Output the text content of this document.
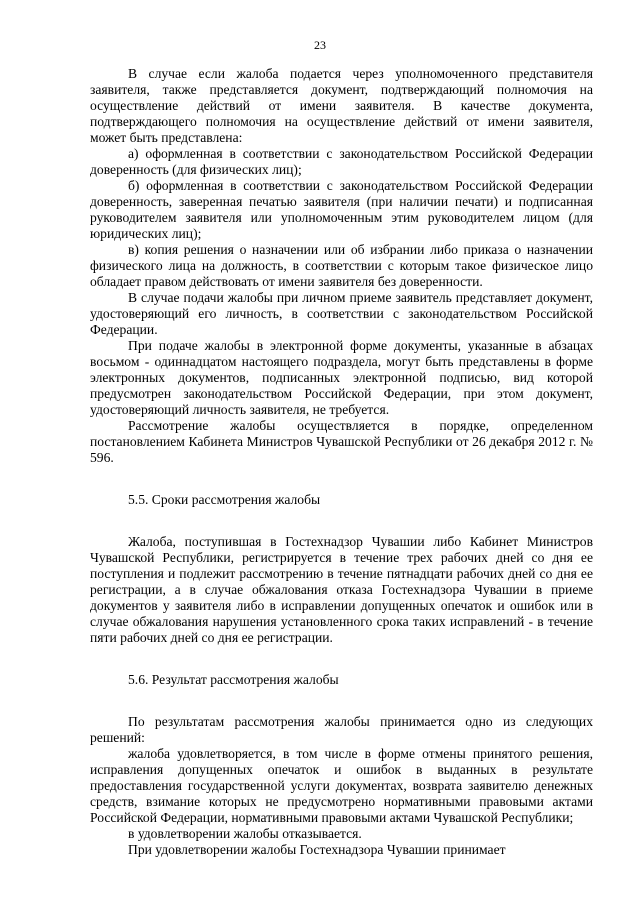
23

В случае если жалоба подается через уполномоченного представителя заявителя, также представляется документ, подтверждающий полномочия на осуществление действий от имени заявителя. В качестве документа, подтверждающего полномочия на осуществление действий от имени заявителя, может быть представлена:

а) оформленная в соответствии с законодательством Российской Федерации доверенность (для физических лиц);

б) оформленная в соответствии с законодательством Российской Федерации доверенность, заверенная печатью заявителя (при наличии печати) и подписанная руководителем заявителя или уполномоченным этим руководителем лицом (для юридических лиц);

в) копия решения о назначении или об избрании либо приказа о назначении физического лица на должность, в соответствии с которым такое физическое лицо обладает правом действовать от имени заявителя без доверенности.

В случае подачи жалобы при личном приеме заявитель представляет документ, удостоверяющий его личность, в соответствии с законодательством Российской Федерации.

При подаче жалобы в электронной форме документы, указанные в абзацах восьмом - одиннадцатом настоящего подраздела, могут быть представлены в форме электронных документов, подписанных электронной подписью, вид которой предусмотрен законодательством Российской Федерации, при этом документ, удостоверяющий личность заявителя, не требуется.

Рассмотрение жалобы осуществляется в порядке, определенном постановлением Кабинета Министров Чувашской Республики от 26 декабря 2012 г. № 596.

5.5. Сроки рассмотрения жалобы

Жалоба, поступившая в Гостехнадзор Чувашии либо Кабинет Министров Чувашской Республики, регистрируется в течение трех рабочих дней со дня ее поступления и подлежит рассмотрению в течение пятнадцати рабочих дней со дня ее регистрации, а в случае обжалования отказа Гостехнадзора Чувашии в приеме документов у заявителя либо в исправлении допущенных опечаток и ошибок или в случае обжалования нарушения установленного срока таких исправлений - в течение пяти рабочих дней со дня ее регистрации.

5.6. Результат рассмотрения жалобы

По результатам рассмотрения жалобы принимается одно из следующих решений:

жалоба удовлетворяется, в том числе в форме отмены принятого решения, исправления допущенных опечаток и ошибок в выданных в результате предоставления государственной услуги документах, возврата заявителю денежных средств, взимание которых не предусмотрено нормативными правовыми актами Российской Федерации, нормативными правовыми актами Чувашской Республики;

в удовлетворении жалобы отказывается.

При удовлетворении жалобы Гостехнадзора Чувашии принимает
